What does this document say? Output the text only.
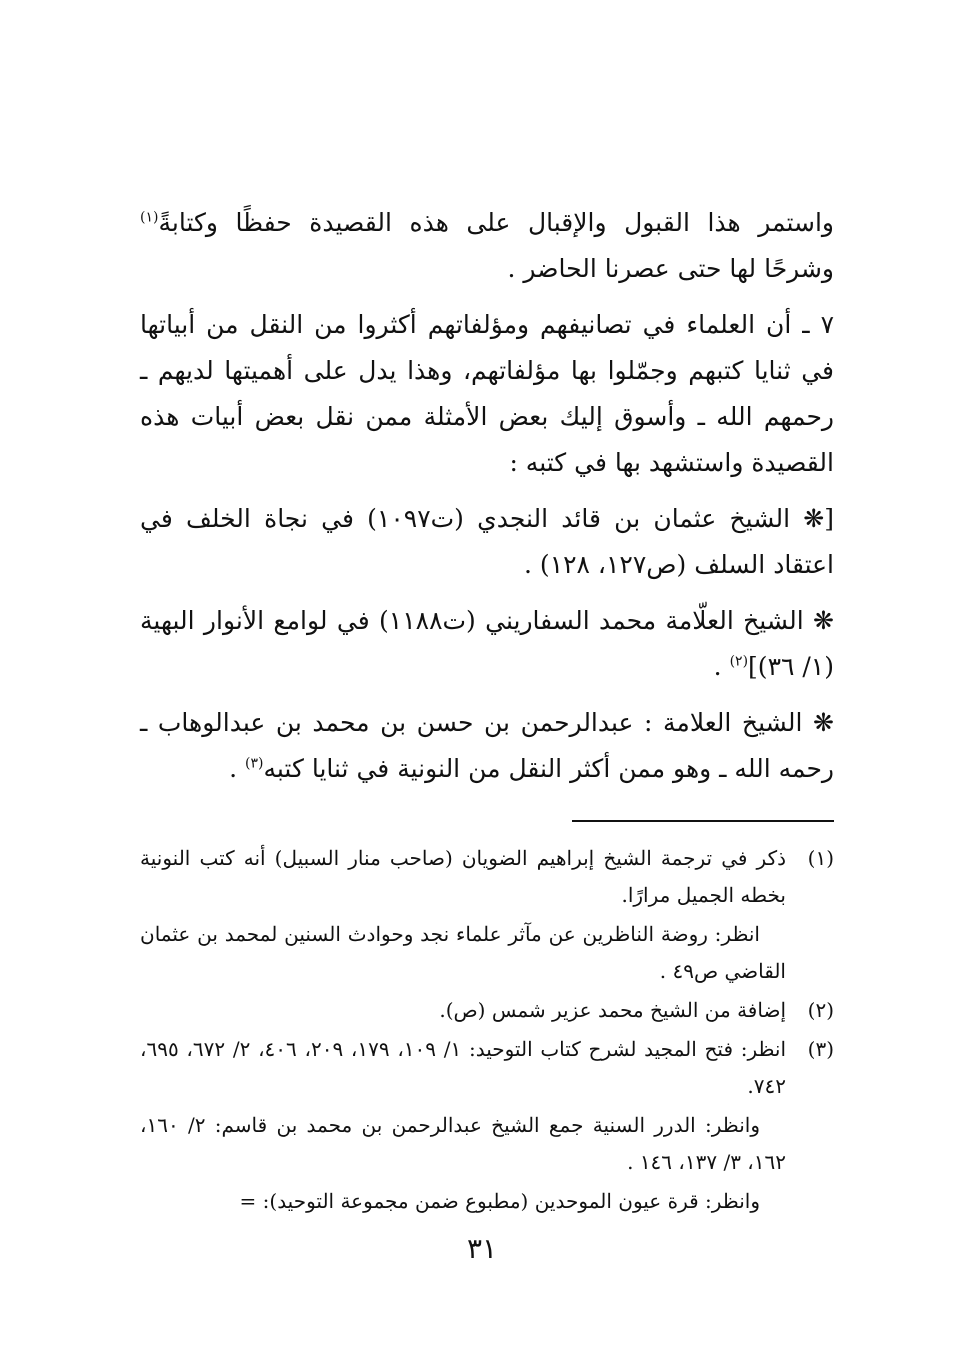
واستمر هذا القبول والإقبال على هذه القصيدة حفظًا وكتابةً$^{(١)}$ وشرحًا لها حتى عصرنا الحاضر .

٧ ـ أن العلماء في تصانيفهم ومؤلفاتهم أكثروا من النقل من أبياتها في ثنايا كتبهم وجمّلوا بها مؤلفاتهم، وهذا يدل على أهميتها لديهم ـ رحمهم الله ـ وأسوق إليك بعض الأمثلة ممن نقل بعض أبيات هذه القصيدة واستشهد بها في كتبه :

[❋ الشيخ عثمان بن قائد النجدي (ت١٠٩٧) في نجاة الخلف في اعتقاد السلف (ص١٢٧، ١٢٨) .

❋ الشيخ العلّامة محمد السفاريني (ت١١٨٨) في لوامع الأنوار البهية (١/ ٣٦)]$^{(٢)}$ .

❋ الشيخ العلامة : عبدالرحمن بن حسن بن محمد بن عبدالوهاب ـ رحمه الله ـ وهو ممن أكثر النقل من النونية في ثنايا كتبه$^{(٣)}$ .

(١)
ذكر في ترجمة الشيخ إبراهيم الضويان (صاحب منار السبيل) أنه كتب النونية بخطه الجميل مرارًا.
انظر: روضة الناظرين عن مآثر علماء نجد وحوادث السنين لمحمد بن عثمان القاضي ص٤٩ .
(٢)
إضافة من الشيخ محمد عزير شمس (ص).
(٣)
انظر: فتح المجيد لشرح كتاب التوحيد: ١/ ١٠٩، ١٧٩، ٢٠٩، ٤٠٦، ٢/ ٦٧٢، ٦٩٥، ٧٤٢.
وانظر: الدرر السنية جمع الشيخ عبدالرحمن بن محمد بن قاسم: ٢/ ١٦٠، ١٦٢، ٣/ ١٣٧، ١٤٦ .
وانظر: قرة عيون الموحدين (مطبوع ضمن مجموعة التوحيد): =
٣١
